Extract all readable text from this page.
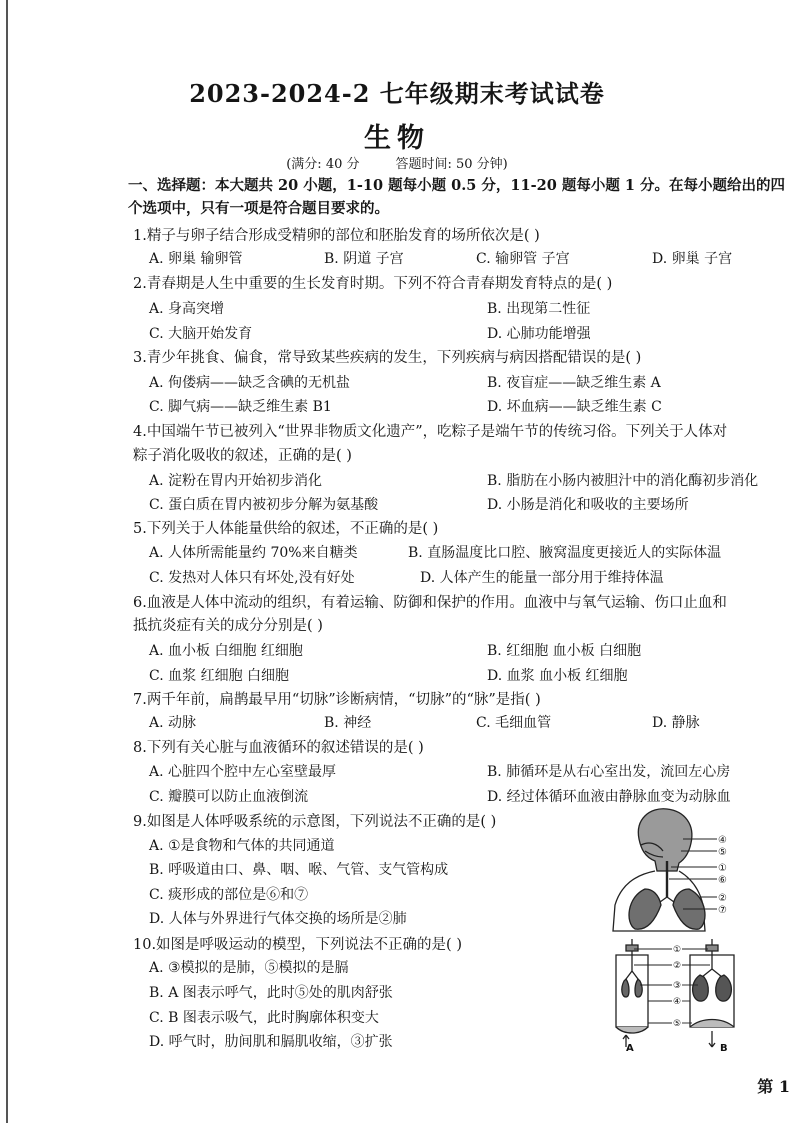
2023-2024-2 七年级期末考试试卷
生物
(满分: 40 分	答题时间: 50 分钟)
一、选择题：本大题共 20 小题，1-10 题每小题 0.5 分，11-20 题每小题 1 分。在每小题给出的四个选项中，只有一项是符合题目要求的。
1.精子与卵子结合形成受精卵的部位和胚胎发育的场所依次是( )
A. 卵巢 输卵管	B. 阴道 子宫	C. 输卵管 子宫	D. 卵巢 子宫
2.青春期是人生中重要的生长发育时期。下列不符合青春期发育特点的是( )
A. 身高突增	B. 出现第二性征
C. 大脑开始发育	D. 心肺功能增强
3.青少年挑食、偏食，常导致某些疾病的发生，下列疾病与病因搭配错误的是( )
A. 佝偻病——缺乏含碘的无机盐	B. 夜盲症——缺乏维生素 A
C. 脚气病——缺乏维生素 B1	D. 坏血病——缺乏维生素 C
4.中国端午节已被列入“世界非物质文化遗产”，吃粽子是端午节的传统习俗。下列关于人体对
粽子消化吸收的叙述，正确的是( )
A. 淀粉在胃内开始初步消化	B. 脂肪在小肠内被胆汁中的消化酶初步消化
C. 蛋白质在胃内被初步分解为氨基酸	D. 小肠是消化和吸收的主要场所
5.下列关于人体能量供给的叙述，不正确的是( )
A. 人体所需能量约 70%来自糖类	B. 直肠温度比口腔、腋窝温度更接近人的实际体温
C. 发热对人体只有坏处,没有好处	D. 人体产生的能量一部分用于维持体温
6.血液是人体中流动的组织，有着运输、防御和保护的作用。血液中与氧气运输、伤口止血和
抵抗炎症有关的成分分别是( )
A. 血小板 白细胞 红细胞	B. 红细胞 血小板 白细胞
C. 血浆 红细胞 白细胞	D. 血浆 血小板 红细胞
7.两千年前，扁鹊最早用“切脉”诊断病情，“切脉”的“脉”是指( )
A. 动脉	B. 神经	C. 毛细血管	D. 静脉
8.下列有关心脏与血液循环的叙述错误的是( )
A. 心脏四个腔中左心室壁最厚	B. 肺循环是从右心室出发，流回左心房
C. 瓣膜可以防止血液倒流	D. 经过体循环血液由静脉血变为动脉血
9.如图是人体呼吸系统的示意图，下列说法不正确的是( )
A. ①是食物和气体的共同通道
B. 呼吸道由口、鼻、咽、喉、气管、支气管构成
C. 痰形成的部位是⑥和⑦
D. 人体与外界进行气体交换的场所是②肺
10.如图是呼吸运动的模型，下列说法不正确的是( )
A. ③模拟的是肺，⑤模拟的是膈
B. A 图表示呼气，此时⑤处的肌肉舒张
C. B 图表示吸气，此时胸廓体积变大
D. 呼气时，肋间肌和膈肌收缩，③扩张
④
⑤
①
⑥
②
⑦
①
②
③
④
⑤
A	B
第 1
